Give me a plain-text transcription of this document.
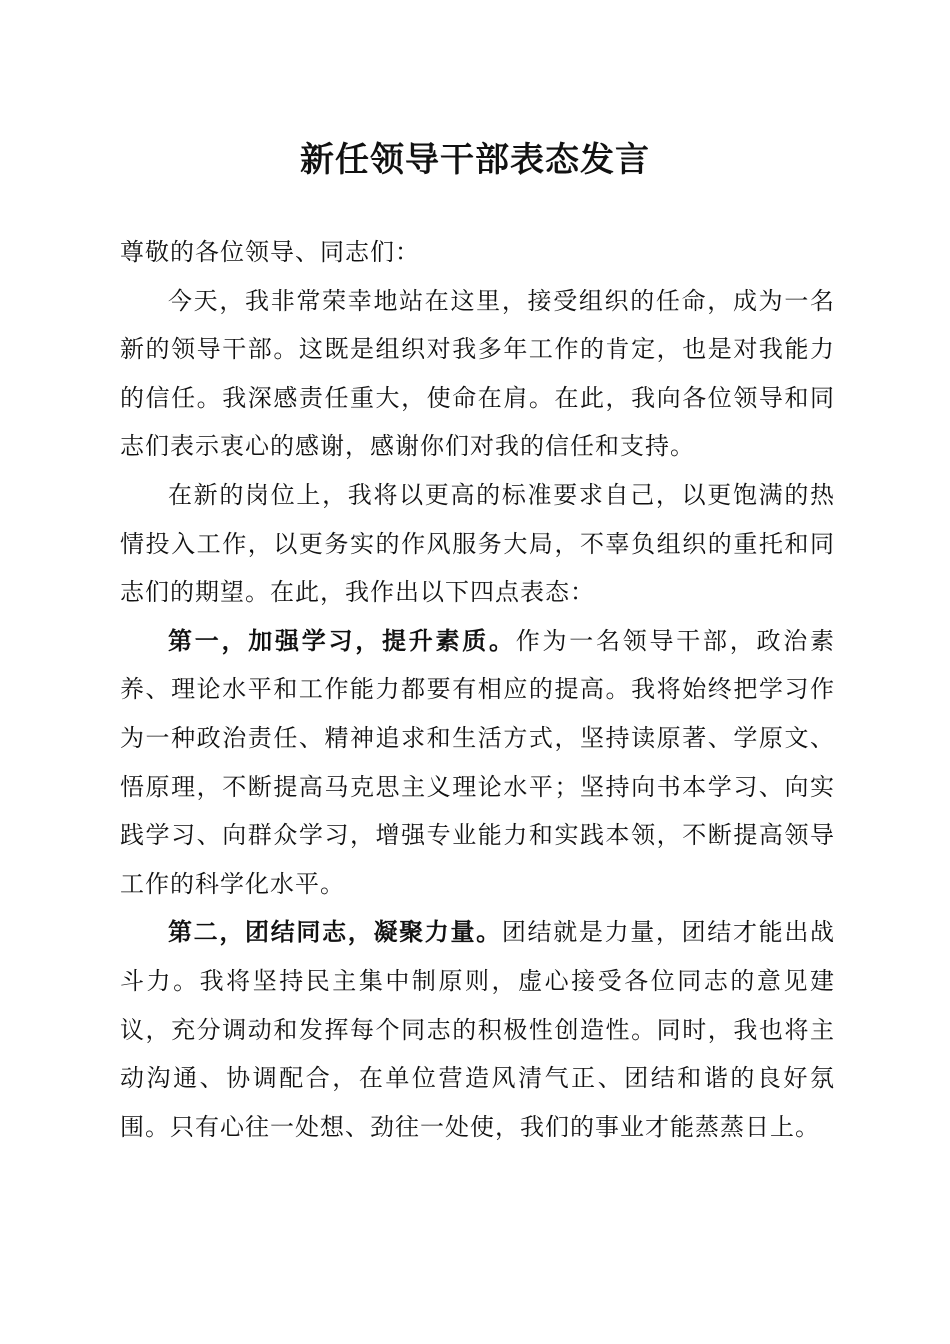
新任领导干部表态发言

尊敬的各位领导、同志们：

今天，我非常荣幸地站在这里，接受组织的任命，成为一名新的领导干部。这既是组织对我多年工作的肯定，也是对我能力的信任。我深感责任重大，使命在肩。在此，我向各位领导和同志们表示衷心的感谢，感谢你们对我的信任和支持。

在新的岗位上，我将以更高的标准要求自己，以更饱满的热情投入工作，以更务实的作风服务大局，不辜负组织的重托和同志们的期望。在此，我作出以下四点表态：

第一，加强学习，提升素质。作为一名领导干部，政治素养、理论水平和工作能力都要有相应的提高。我将始终把学习作为一种政治责任、精神追求和生活方式，坚持读原著、学原文、悟原理，不断提高马克思主义理论水平；坚持向书本学习、向实践学习、向群众学习，增强专业能力和实践本领，不断提高领导工作的科学化水平。

第二，团结同志，凝聚力量。团结就是力量，团结才能出战斗力。我将坚持民主集中制原则，虚心接受各位同志的意见建议，充分调动和发挥每个同志的积极性创造性。同时，我也将主动沟通、协调配合，在单位营造风清气正、团结和谐的良好氛围。只有心往一处想、劲往一处使，我们的事业才能蒸蒸日上。
